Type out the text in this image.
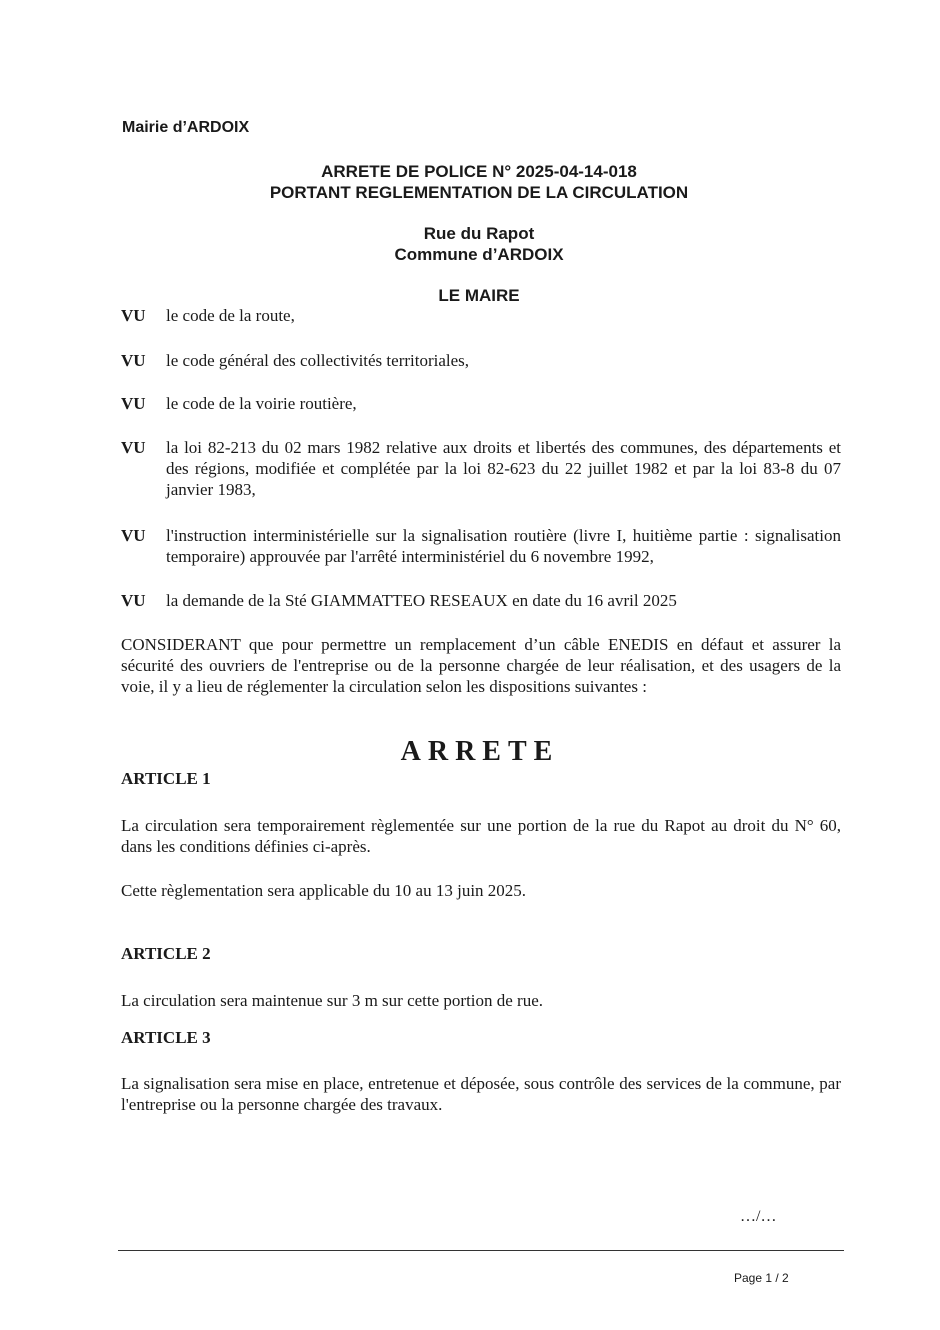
Mairie d’ARDOIX
ARRETE DE POLICE N° 2025-04-14-018
PORTANT REGLEMENTATION DE LA CIRCULATION
Rue du Rapot
Commune d’ARDOIX
LE MAIRE
VU le code de la route,
VU le code général des collectivités territoriales,
VU le code de la voirie routière,
VU la loi 82-213 du 02 mars 1982 relative aux droits et libertés des communes, des départements et des régions, modifiée et complétée par la loi 82-623 du 22 juillet 1982 et par la loi 83-8 du 07 janvier 1983,
VU l'instruction interministérielle sur la signalisation routière (livre I, huitième partie : signalisation temporaire) approuvée par l'arrêté interministériel du 6 novembre 1992,
VU la demande de la Sté GIAMMATTEO RESEAUX en date du 16 avril 2025
CONSIDERANT que pour permettre un remplacement d’un câble ENEDIS en défaut et assurer la sécurité des ouvriers de l'entreprise ou de la personne chargée de leur réalisation, et des usagers de la voie, il y a lieu de réglementer la circulation selon les dispositions suivantes :
ARRETE
ARTICLE 1
La circulation sera temporairement règlementée sur une portion de la rue du Rapot au droit du N° 60, dans les conditions définies ci-après.
Cette règlementation sera applicable du 10 au 13 juin 2025.
ARTICLE 2
La circulation sera maintenue sur 3 m sur cette portion de rue.
ARTICLE 3
La signalisation sera mise en place, entretenue et déposée, sous contrôle des services de la commune, par l'entreprise ou la personne chargée des travaux.
…/…
Page 1 / 2
